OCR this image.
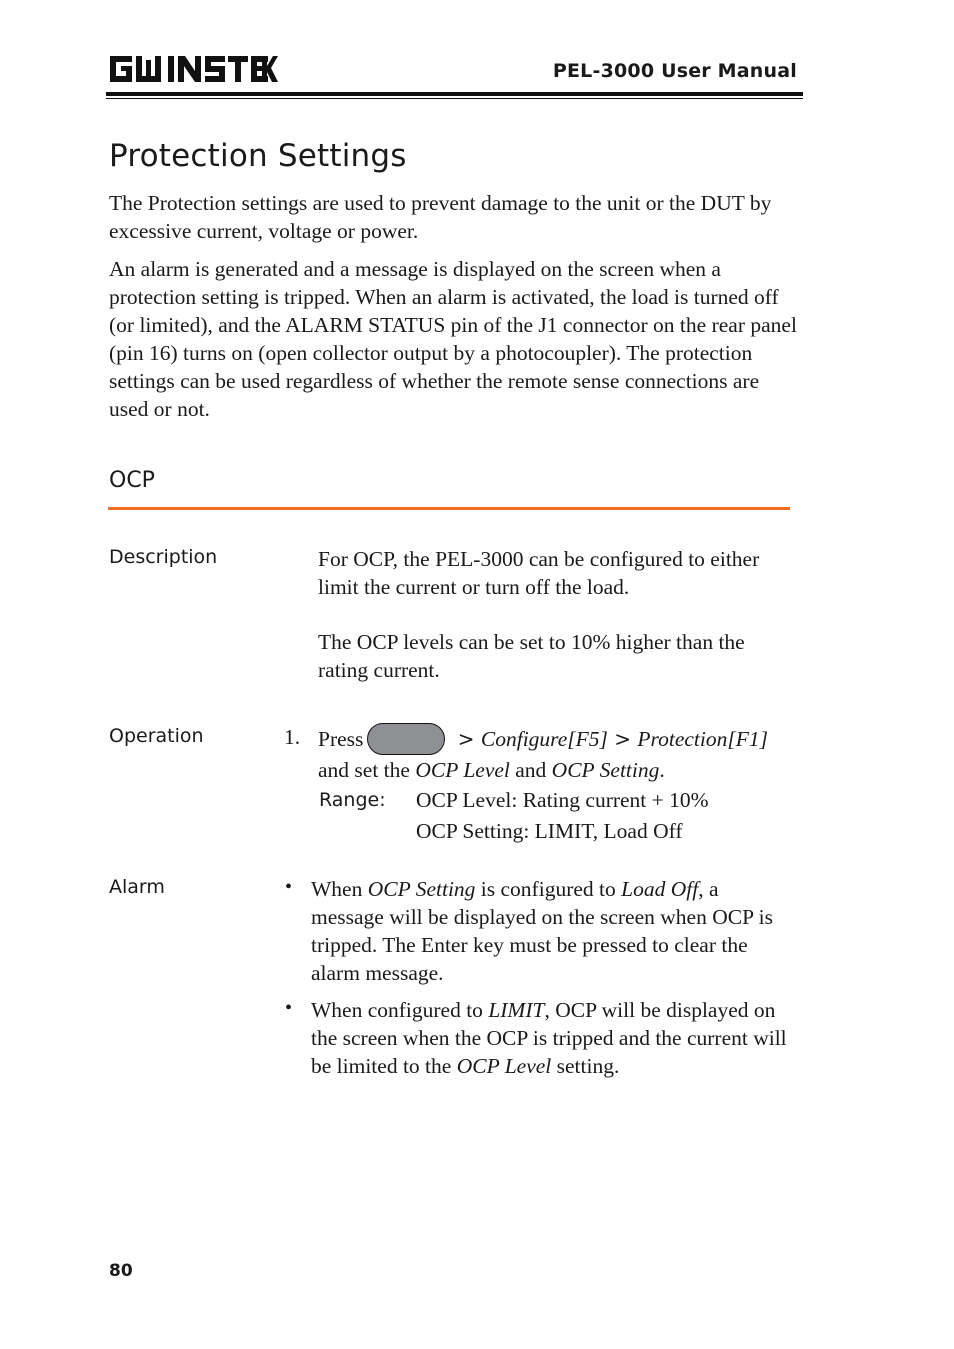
PEL-3000 User Manual
Protection Settings

The Protection settings are used to prevent damage to the unit or the DUT by excessive current, voltage or power.

An alarm is generated and a message is displayed on the screen when a protection setting is tripped. When an alarm is activated, the load is turned off (or limited), and the ALARM STATUS pin of the J1 connector on the rear panel (pin 16) turns on (open collector output by a photocoupler). The protection settings can be used regardless of whether the remote sense connections are used or not.

OCP
Description	For OCP, the PEL-3000 can be configured to either limit the current or turn off the load.
The OCP levels can be set to 10% higher than the rating current.
Operation	1. Press	> Configure[F5] > Protection[F1]
and set the OCP Level and OCP Setting.
Range: OCP Level: Rating current + 10%
OCP Setting: LIMIT, Load Off
Alarm	• When OCP Setting is configured to Load Off, a message will be displayed on the screen when OCP is tripped. The Enter key must be pressed to clear the alarm message.
• When configured to LIMIT, OCP will be displayed on the screen when the OCP is tripped and the current will be limited to the OCP Level setting.
80
